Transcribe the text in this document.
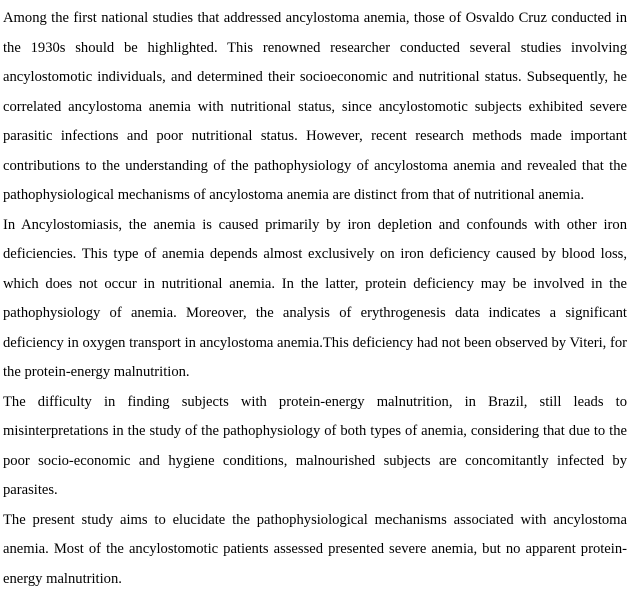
Among the first national studies that addressed ancylostoma anemia, those of Osvaldo Cruz conducted in the 1930s should be highlighted. This renowned researcher conducted several studies involving ancylostomotic individuals, and determined their socioeconomic and nutritional status. Subsequently, he correlated ancylostoma anemia with nutritional status, since ancylostomotic subjects exhibited severe parasitic infections and poor nutritional status. However, recent research methods made important contributions to the understanding of the pathophysiology of ancylostoma anemia and revealed that the pathophysiological mechanisms of ancylostoma anemia are distinct from that of nutritional anemia.

In Ancylostomiasis, the anemia is caused primarily by iron depletion and confounds with other iron deficiencies. This type of anemia depends almost exclusively on iron deficiency caused by blood loss, which does not occur in nutritional anemia. In the latter, protein deficiency may be involved in the pathophysiology of anemia. Moreover, the analysis of erythrogenesis data indicates a significant deficiency in oxygen transport in ancylostoma anemia.This deficiency had not been observed by Viteri, for the protein-energy malnutrition.

The difficulty in finding subjects with protein-energy malnutrition, in Brazil, still leads to misinterpretations in the study of the pathophysiology of both types of anemia, considering that due to the poor socio-economic and hygiene conditions, malnourished subjects are concomitantly infected by parasites.

The present study aims to elucidate the pathophysiological mechanisms associated with ancylostoma anemia. Most of the ancylostomotic patients assessed presented severe anemia, but no apparent protein-energy malnutrition.
